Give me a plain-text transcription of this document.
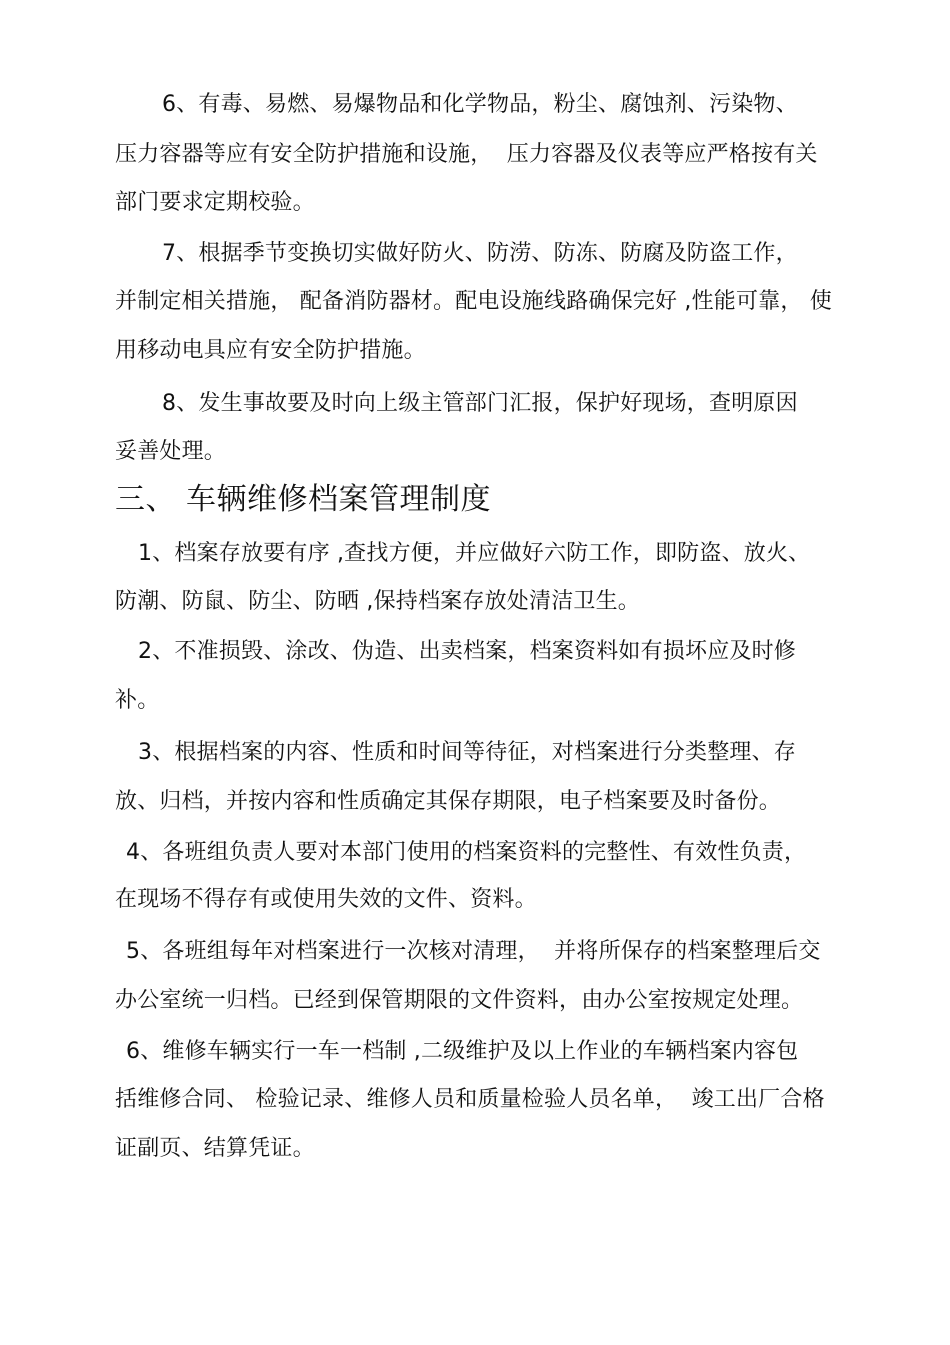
6、有毒、易燃、易爆物品和化学物品，粉尘、腐蚀剂、污染物、
压力容器等应有安全防护措施和设施，  压力容器及仪表等应严格按有关
部门要求定期校验。
7、根据季节变换切实做好防火、防涝、防冻、防腐及防盗工作，
并制定相关措施， 配备消防器材。配电设施线路确保完好 ,性能可靠， 使
用移动电具应有安全防护措施。
8、发生事故要及时向上级主管部门汇报，保护好现场，查明原因
妥善处理。
三、 车辆维修档案管理制度
1、档案存放要有序 ,查找方便，并应做好六防工作，即防盗、放火、
防潮、防鼠、防尘、防晒 ,保持档案存放处清洁卫生。
2、不准损毁、涂改、伪造、出卖档案，档案资料如有损坏应及时修
补。
3、根据档案的内容、性质和时间等待征，对档案进行分类整理、存
放、归档，并按内容和性质确定其保存期限，电子档案要及时备份。
4、各班组负责人要对本部门使用的档案资料的完整性、有效性负责，
在现场不得存有或使用失效的文件、资料。
5、各班组每年对档案进行一次核对清理，  并将所保存的档案整理后交
办公室统一归档。已经到保管期限的文件资料，由办公室按规定处理。
6、维修车辆实行一车一档制 ,二级维护及以上作业的车辆档案内容包
括维修合同、 检验记录、维修人员和质量检验人员名单，  竣工出厂合格
证副页、结算凭证。
